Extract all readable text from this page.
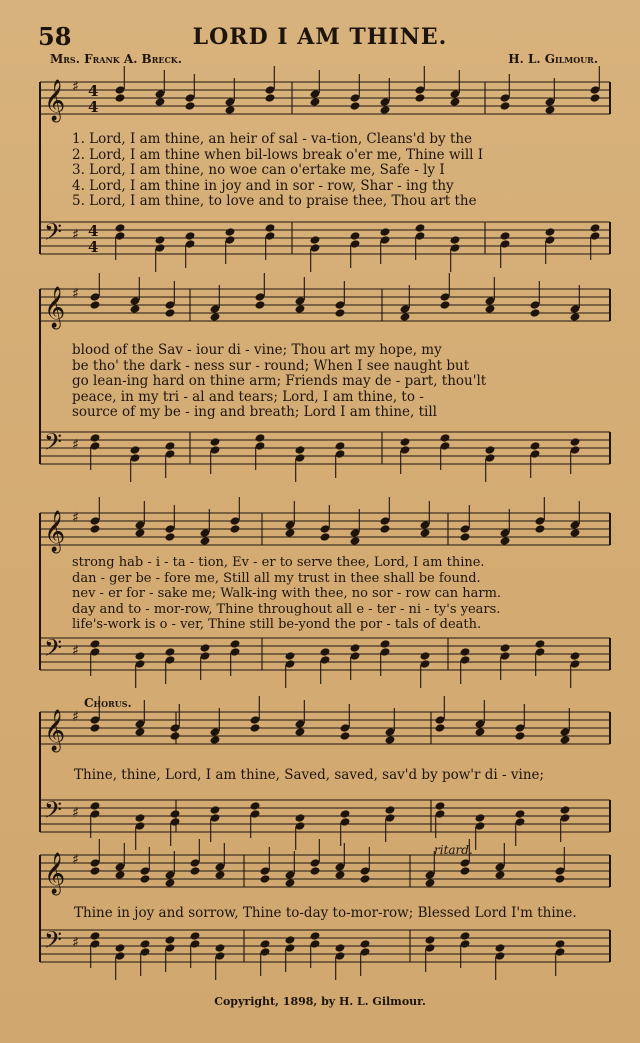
58	LORD I AM THINE.
Mrs. Frank A. Breck.	H. L. Gilmour.
𝄞
𝄢
♯
♯
4
4
4
4
𝄞
𝄢
♯
♯
𝄞
𝄢
♯
♯
𝄞
𝄢
♯
♯
𝄞
𝄢
♯
♯
1. Lord, I am thine, an heir of sal - va-tion, Cleans'd by the
2. Lord, I am thine when bil-lows break o'er me, Thine will I
3. Lord, I am thine, no woe can o'ertake me, Safe - ly I
4. Lord, I am thine in joy and in sor - row, Shar - ing thy
5. Lord, I am thine, to love and to praise thee, Thou art the
blood of the Sav - iour di - vine; Thou art my hope, my
be tho' the dark - ness sur - round; When I see naught but
go lean-ing hard on thine arm; Friends may de - part, thou'lt
peace, in my tri - al and tears; Lord, I am thine, to -
source of my be - ing and breath; Lord I am thine, till
strong hab - i - ta - tion, Ev - er to serve thee, Lord, I am thine.
dan - ger be - fore me, Still all my trust in thee shall be found.
nev - er for - sake me; Walk-ing with thee, no sor - row can harm.
day and to - mor-row, Thine throughout all e - ter - ni - ty's years.
life's-work is o - ver, Thine still be-yond the por - tals of death.
Chorus.
Thine, thine, Lord, I am thine, Saved, saved, sav'd by pow'r di - vine;
Thine in joy and sorrow, Thine to-day to-mor-row; Blessed Lord I'm thine.
ritard.
Copyright, 1898, by H. L. Gilmour.
